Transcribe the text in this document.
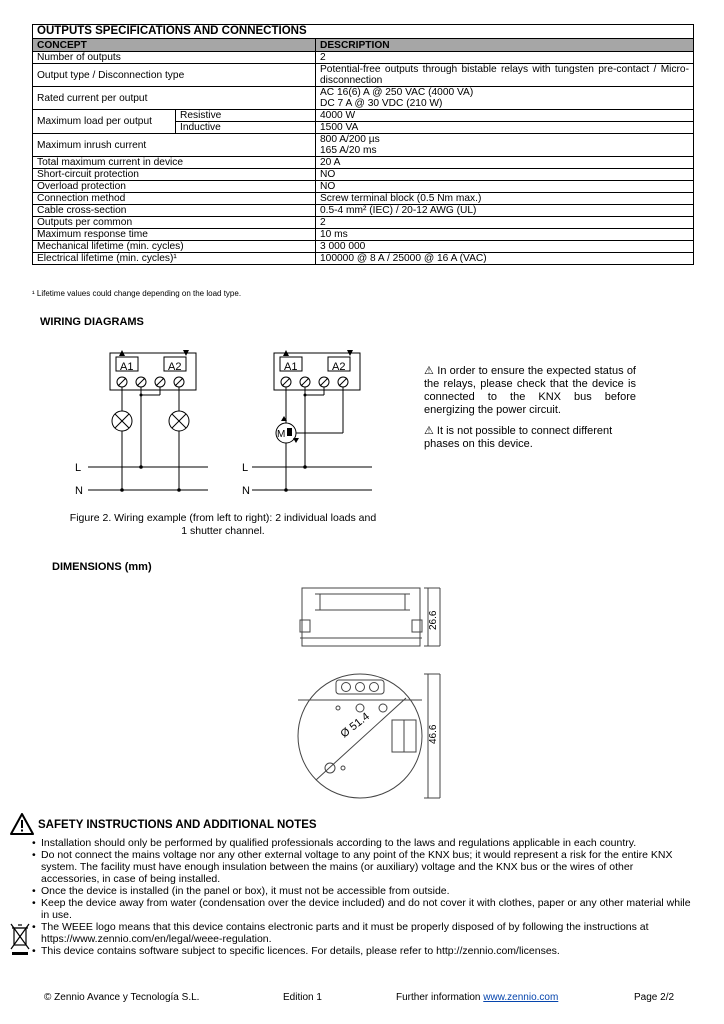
OUTPUTS SPECIFICATIONS AND CONNECTIONS		
CONCEPT		DESCRIPTION
Number of outputs		2
Output type / Disconnection type		Potential-free outputs through bistable relays with tungsten pre-contact / Micro-disconnection
Rated current per output		AC 16(6) A @ 250 VAC (4000 VA)
DC 7 A @ 30 VDC (210 W)
Maximum load per output	Resistive	4000 W
	Inductive	1500 VA
Maximum inrush current		800 A/200 µs
165 A/20 ms
Total maximum current in device		20 A
Short-circuit protection		NO
Overload protection		NO
Connection method		Screw terminal block (0.5 Nm max.)
Cable cross-section		0.5-4 mm² (IEC) / 20-12 AWG (UL)
Outputs per common		2
Maximum response time		10 ms
Mechanical lifetime (min. cycles)		3 000 000
Electrical lifetime (min. cycles)¹		100000 @ 8 A / 25000 @ 16 A (VAC)
¹ Lifetime values could change depending on the load type.
WIRING DIAGRAMS
A1	A2	A1	A2
M
L
N
L
N

⚠ In order to ensure the expected status of the relays, please check that the device is connected to the KNX bus before energizing the power circuit.

⚠ It is not possible to connect different phases on this device.

Figure 2. Wiring example (from left to right): 2 individual loads and
1 shutter channel.
DIMENSIONS (mm)
26.6
Ø 51.4	46.6
SAFETY INSTRUCTIONS AND ADDITIONAL NOTES
• Installation should only be performed by qualified professionals according to the laws and regulations applicable in each country.
• Do not connect the mains voltage nor any other external voltage to any point of the KNX bus; it would represent a risk for the entire KNX system. The facility must have enough insulation between the mains (or auxiliary) voltage and the KNX bus or the wires of other accessories, in case of being installed.
• Once the device is installed (in the panel or box), it must not be accessible from outside.
• Keep the device away from water (condensation over the device included) and do not cover it with clothes, paper or any other material while in use.
• The WEEE logo means that this device contains electronic parts and it must be properly disposed of by following the instructions at https://www.zennio.com/en/legal/weee-regulation.
• This device contains software subject to specific licences. For details, please refer to http://zennio.com/licenses.
© Zennio Avance y Tecnología S.L.	Edition 1	Further information www.zennio.com	Page 2/2
